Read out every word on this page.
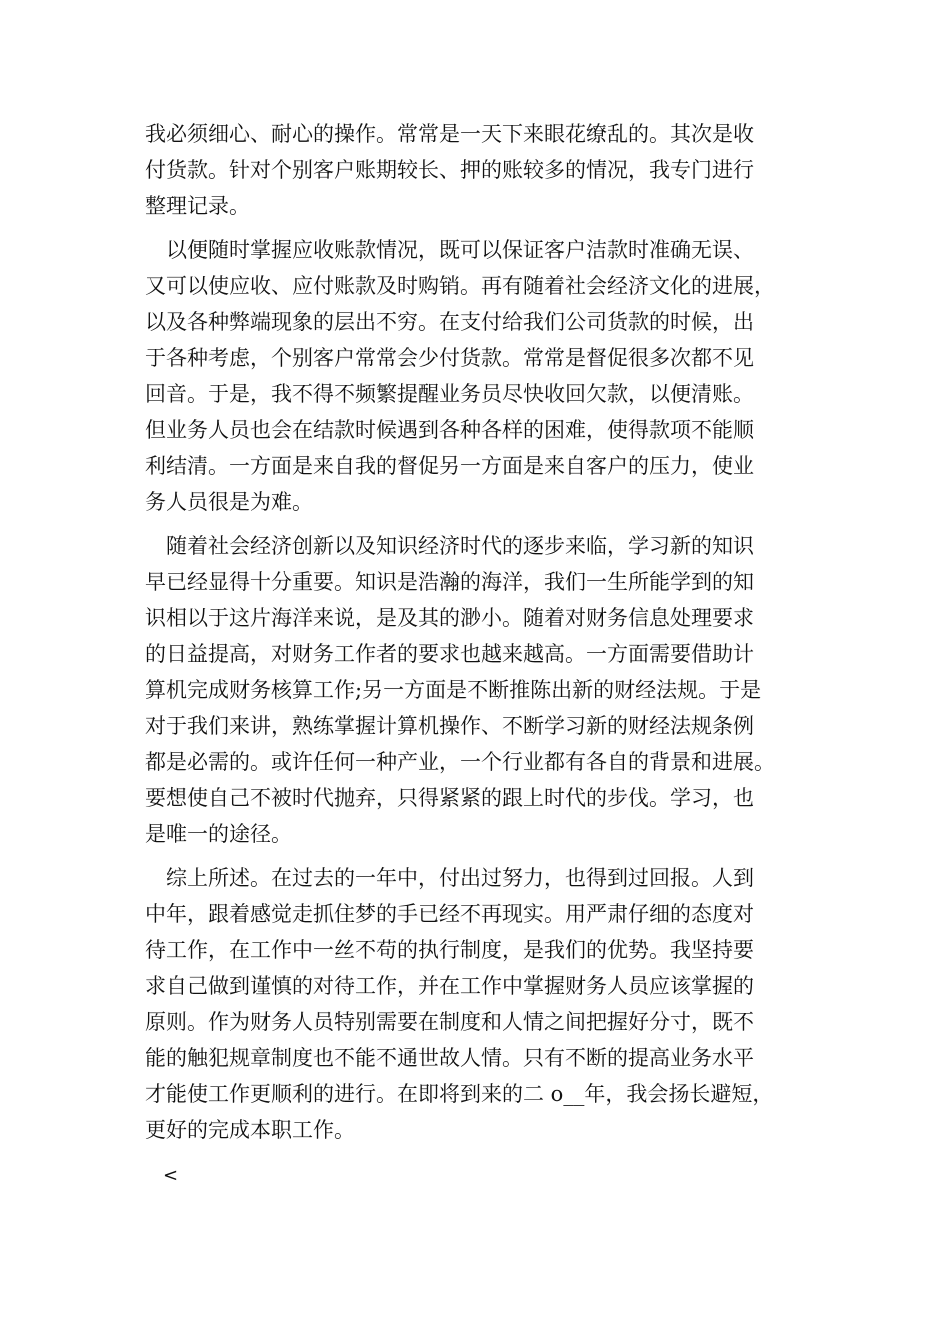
我必须细心、耐心的操作。常常是一天下来眼花缭乱的。其次是收
付货款。针对个别客户账期较长、押的账较多的情况，我专门进行
整理记录。
以便随时掌握应收账款情况，既可以保证客户洁款时准确无误、
又可以使应收、应付账款及时购销。再有随着社会经济文化的进展，
以及各种弊端现象的层出不穷。在支付给我们公司货款的时候，出
于各种考虑，个别客户常常会少付货款。常常是督促很多次都不见
回音。于是，我不得不频繁提醒业务员尽快收回欠款，以便清账。
但业务人员也会在结款时候遇到各种各样的困难，使得款项不能顺
利结清。一方面是来自我的督促另一方面是来自客户的压力，使业
务人员很是为难。
随着社会经济创新以及知识经济时代的逐步来临，学习新的知识
早已经显得十分重要。知识是浩瀚的海洋，我们一生所能学到的知
识相以于这片海洋来说，是及其的渺小。随着对财务信息处理要求
的日益提高，对财务工作者的要求也越来越高。一方面需要借助计
算机完成财务核算工作;另一方面是不断推陈出新的财经法规。于是
对于我们来讲，熟练掌握计算机操作、不断学习新的财经法规条例
都是必需的。或许任何一种产业，一个行业都有各自的背景和进展。
要想使自己不被时代抛弃，只得紧紧的跟上时代的步伐。学习，也
是唯一的途径。
综上所述。在过去的一年中，付出过努力，也得到过回报。人到
中年，跟着感觉走抓住梦的手已经不再现实。用严肃仔细的态度对
待工作，在工作中一丝不苟的执行制度，是我们的优势。我坚持要
求自己做到谨慎的对待工作，并在工作中掌握财务人员应该掌握的
原则。作为财务人员特别需要在制度和人情之间把握好分寸，既不
能的触犯规章制度也不能不通世故人情。只有不断的提高业务水平
才能使工作更顺利的进行。在即将到来的二 o__年，我会扬长避短，
更好的完成本职工作。
<
